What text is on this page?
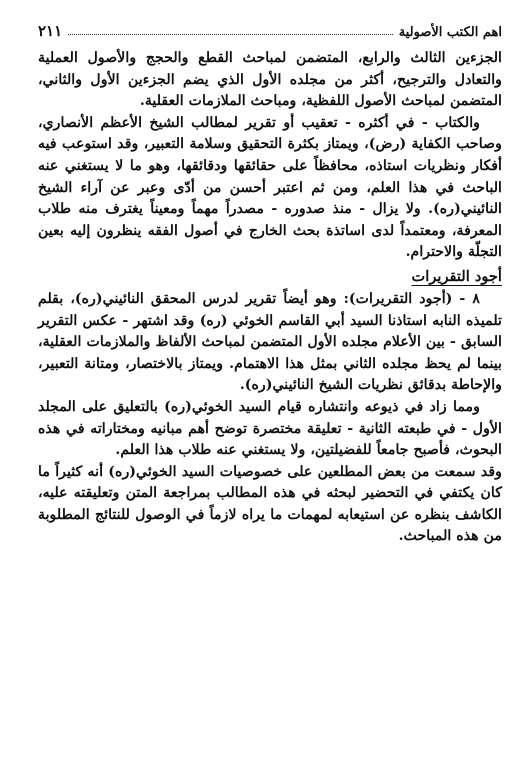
اهم الكتب الأصولية
٢١١

الجزءين الثالث والرابع، المتضمن لمباحث القطع والحجج والأصول العملية والتعادل والترجيح، أكثر من مجلده الأول الذي يضم الجزءين الأول والثاني، المتضمن لمباحث الأصول اللفظية، ومباحث الملازمات العقلية.

والكتاب - في أكثره - تعقيب أو تقرير لمطالب الشيخ الأعظم الأنصاري، وصاحب الكفاية (رض)، ويمتاز بكثرة التحقيق وسلامة التعبير، وقد استوعب فيه أفكار ونظريات استاذه، محافظاً على حقائقها ودقائقها، وهو ما لا يستغني عنه الباحث في هذا العلم، ومن ثم اعتبر أحسن من أدّى وعبر عن آراء الشيخ النائيني(ره). ولا يزال - منذ صدوره - مصدراً مهماً ومعيناً يغترف منه طلاب المعرفة، ومعتمداً لدى اساتذة بحث الخارج في أصول الفقه ينظرون إليه بعين التجلّة والاحترام.

أجود التقريرات

٨ - (أجود التقريرات): وهو أيضاً تقرير لدرس المحقق النائيني(ره)، بقلم تلميذه النابه استاذنا السيد أبي القاسم الخوئي (ره) وقد اشتهر - عكس التقرير السابق - بين الأعلام مجلده الأول المتضمن لمباحث الألفاظ والملازمات العقلية، بينما لم يحظ مجلده الثاني بمثل هذا الاهتمام. ويمتاز بالاختصار، ومتانة التعبير، والإحاطة بدقائق نظريات الشيخ النائيني(ره).

ومما زاد في ذيوعه وانتشاره قيام السيد الخوئي(ره) بالتعليق على المجلد الأول - في طبعته الثانية - تعليقة مختصرة توضح أهم مبانيه ومختاراته في هذه البحوث، فأصبح جامعاً للفضيلتين، ولا يستغني عنه طلاب هذا العلم.

وقد سمعت من بعض المطلعين على خصوصيات السيد الخوئي(ره) أنه كثيراً ما كان يكتفي في التحضير لبحثه في هذه المطالب بمراجعة المتن وتعليقته عليه، الكاشف بنظره عن استيعابه لمهمات ما يراه لازماً في الوصول للنتائج المطلوبة من هذه المباحث.
